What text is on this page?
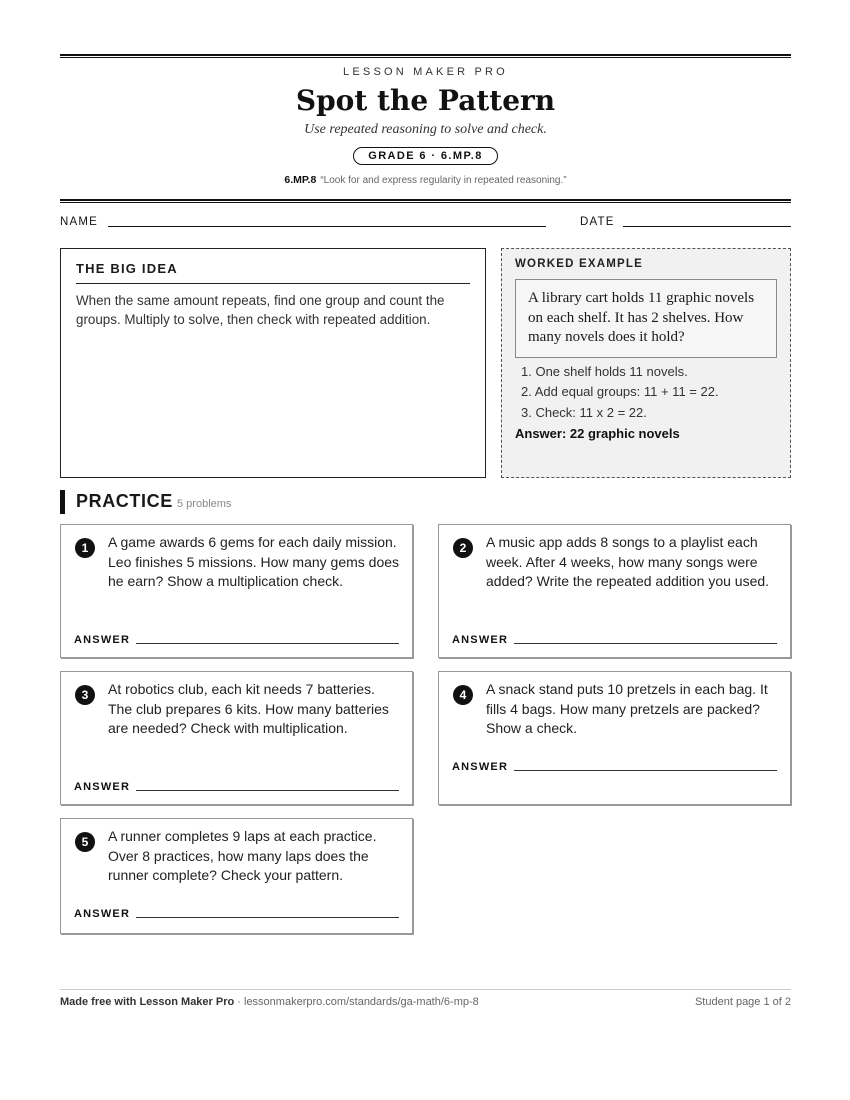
LESSON MAKER PRO
Spot the Pattern
Use repeated reasoning to solve and check.
GRADE 6 · 6.MP.8
6.MP.8 “Look for and express regularity in repeated reasoning.”
NAME	DATE
THE BIG IDEA

When the same amount repeats, find one group and count the groups. Multiply to solve, then check with repeated addition.

WORKED EXAMPLE
A library cart holds 11 graphic novels on each shelf. It has 2 shelves. How many novels does it hold?
1. One shelf holds 11 novels.
2. Add equal groups: 11 + 11 = 22.
3. Check: 11 x 2 = 22.
Answer: 22 graphic novels
PRACTICE 5 problems
1	A game awards 6 gems for each daily mission. Leo finishes 5 missions. How many gems does he earn? Show a multiplication check.
ANSWER
2	A music app adds 8 songs to a playlist each week. After 4 weeks, how many songs were added? Write the repeated addition you used.
ANSWER
3	At robotics club, each kit needs 7 batteries. The club prepares 6 kits. How many batteries are needed? Check with multiplication.
ANSWER
4	A snack stand puts 10 pretzels in each bag. It fills 4 bags. How many pretzels are packed? Show a check.
ANSWER
5	A runner completes 9 laps at each practice. Over 8 practices, how many laps does the runner complete? Check your pattern.
ANSWER
Made free with Lesson Maker Pro · lessonmakerpro.com/standards/ga-math/6-mp-8	Student page 1 of 2
